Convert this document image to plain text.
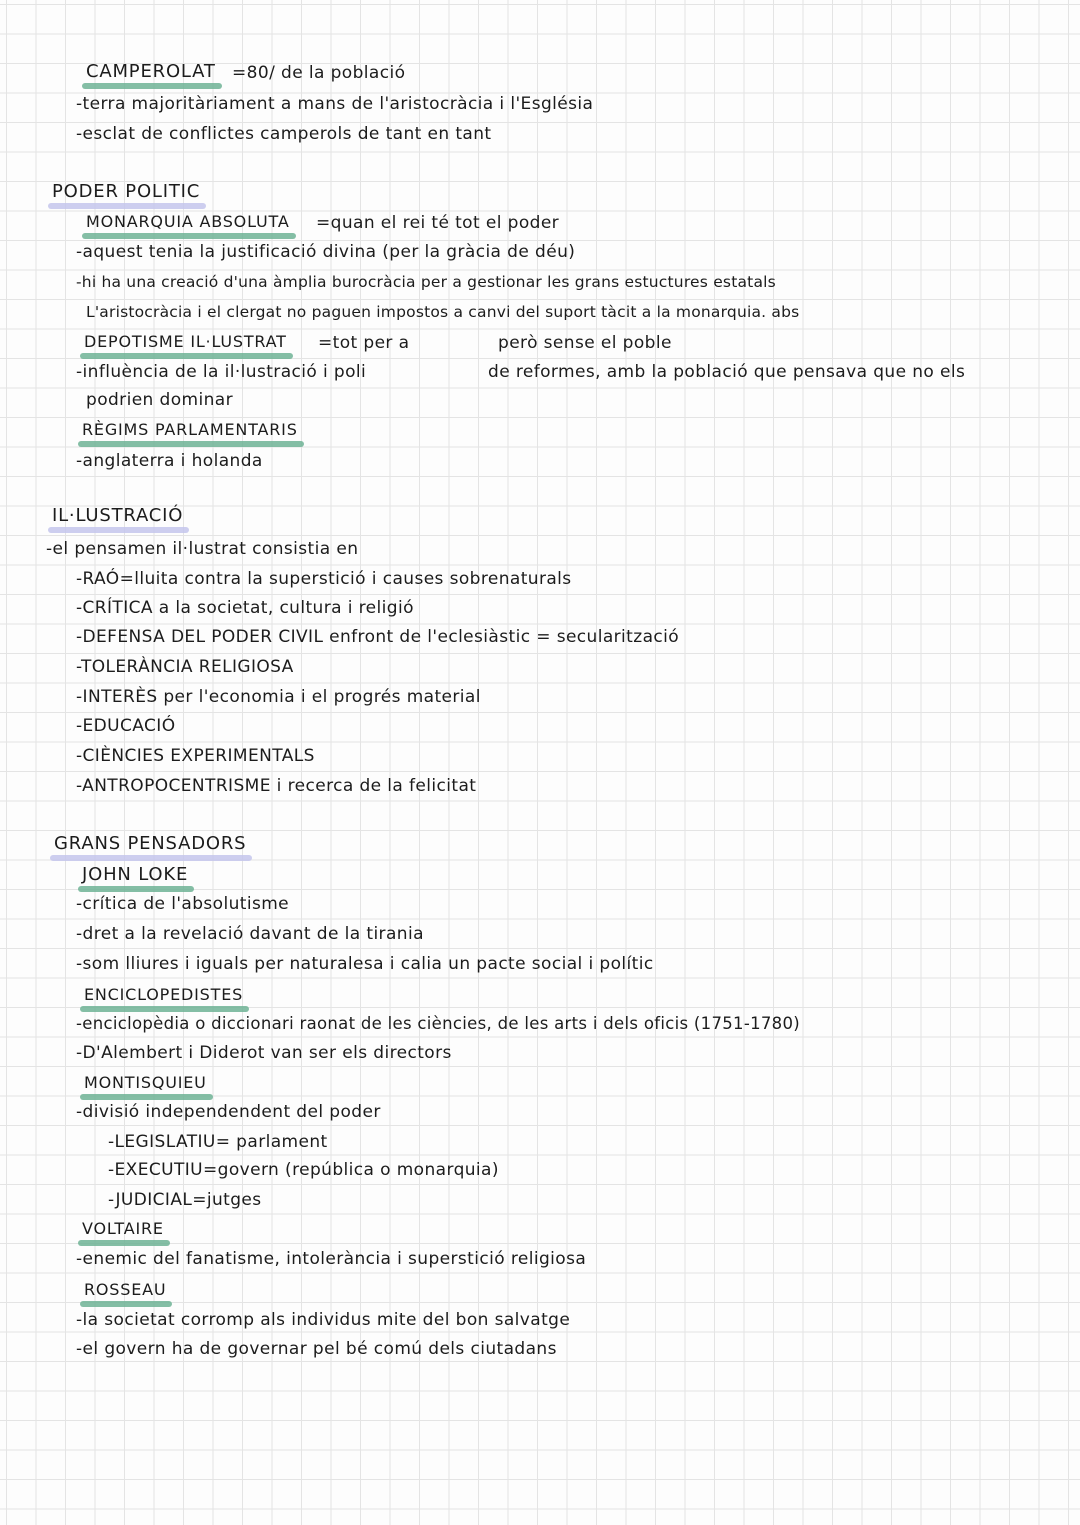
CAMPEROLAT =80/ de la població
-terra majoritàriament a mans de l'aristocràcia i l'Església
-esclat de conflictes camperols de tant en tant
PODER POLITIC
MONARQUIA ABSOLUTA =quan el rei té tot el poder
-aquest tenia la justificació divina (per la gràcia de déu)
-hi ha una creació d'una àmplia burocràcia per a gestionar les grans estuctures estatals
L'aristocràcia i el clergat no paguen impostos a canvi del suport tàcit a la monarquia. abs
DEPOTISME IL·LUSTRAT =tot per a	però sense el poble
-influència de la il·lustració i poli	de reformes, amb la població que pensava que no els
podrien dominar
RÈGIMS PARLAMENTARIS
-anglaterra i holanda
IL·LUSTRACIÓ
-el pensamen il·lustrat consistia en
-RAÓ=lluita contra la superstició i causes sobrenaturals
-CRÍTICA a la societat, cultura i religió
-DEFENSA DEL PODER CIVIL enfront de l'eclesiàstic = secularització
-TOLERÀNCIA RELIGIOSA
-INTERÈS per l'economia i el progrés material
-EDUCACIÓ
-CIÈNCIES EXPERIMENTALS
-ANTROPOCENTRISME i recerca de la felicitat
GRANS PENSADORS
JOHN LOKE
-crítica de l'absolutisme
-dret a la revelació davant de la tirania
-som lliures i iguals per naturalesa i calia un pacte social i polític
ENCICLOPEDISTES
-enciclopèdia o diccionari raonat de les ciències, de les arts i dels oficis (1751-1780)
-D'Alembert i Diderot van ser els directors
MONTISQUIEU
-divisió independendent del poder
-LEGISLATIU= parlament
-EXECUTIU=govern (república o monarquia)
-JUDICIAL=jutges
VOLTAIRE
-enemic del fanatisme, intolerància i superstició religiosa
ROSSEAU
-la societat corromp als individus mite del bon salvatge
-el govern ha de governar pel bé comú dels ciutadans
